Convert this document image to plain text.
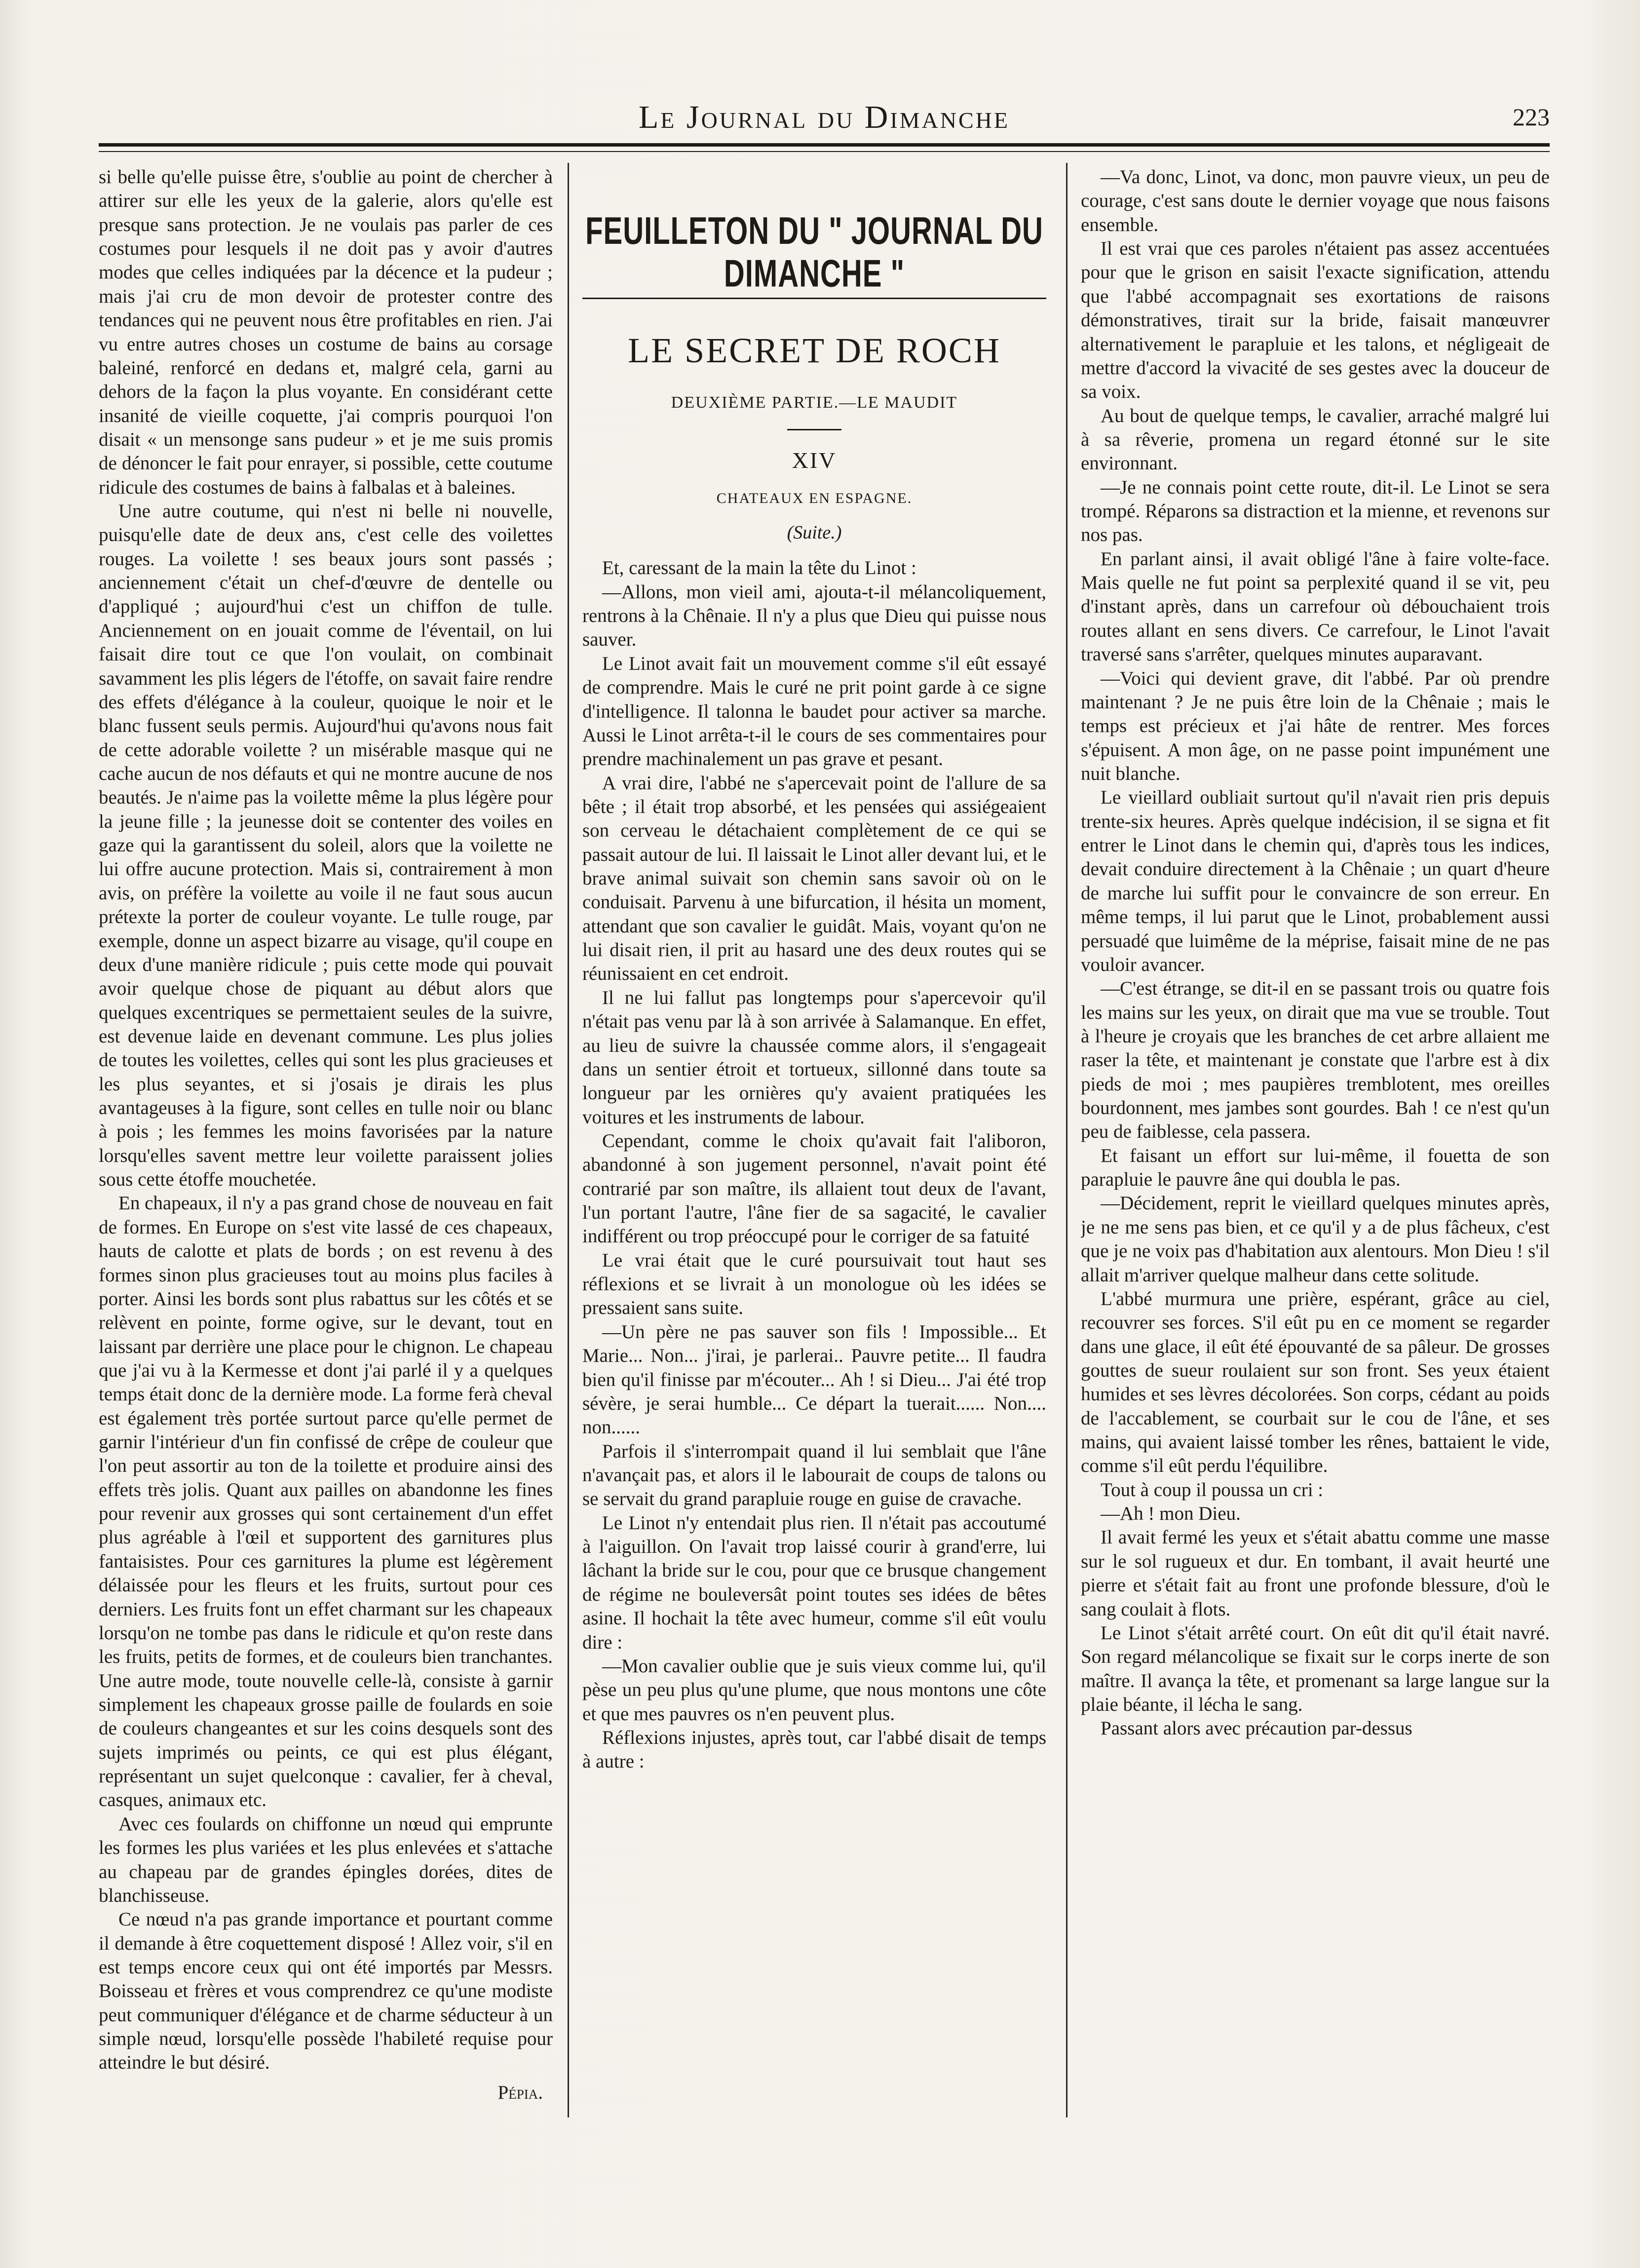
Le Journal du Dimanche	223

si belle qu'elle puisse être, s'oublie au point de chercher à attirer sur elle les yeux de la galerie, alors qu'elle est presque sans protection. Je ne voulais pas parler de ces costumes pour lesquels il ne doit pas y avoir d'autres modes que celles indiquées par la décence et la pudeur ; mais j'ai cru de mon devoir de protester contre des tendances qui ne peuvent nous être profitables en rien. J'ai vu entre autres choses un costume de bains au corsage baleiné, renforcé en dedans et, malgré cela, garni au dehors de la façon la plus voyante. En considérant cette insanité de vieille coquette, j'ai compris pourquoi l'on disait « un mensonge sans pudeur » et je me suis promis de dénoncer le fait pour enrayer, si possible, cette coutume ridicule des costumes de bains à falbalas et à baleines.

Une autre coutume, qui n'est ni belle ni nouvelle, puisqu'elle date de deux ans, c'est celle des voilettes rouges. La voilette ! ses beaux jours sont passés ; anciennement c'était un chef-d'œuvre de dentelle ou d'appliqué ; aujourd'hui c'est un chiffon de tulle. Anciennement on en jouait comme de l'éventail, on lui faisait dire tout ce que l'on voulait, on combinait savamment les plis légers de l'étoffe, on savait faire rendre des effets d'élégance à la couleur, quoique le noir et le blanc fussent seuls permis. Aujourd'hui qu'avons nous fait de cette adorable voilette ? un misérable masque qui ne cache aucun de nos défauts et qui ne montre aucune de nos beautés. Je n'aime pas la voilette même la plus légère pour la jeune fille ; la jeunesse doit se contenter des voiles en gaze qui la garantissent du soleil, alors que la voilette ne lui offre aucune protection. Mais si, contrairement à mon avis, on préfère la voilette au voile il ne faut sous aucun prétexte la porter de couleur voyante. Le tulle rouge, par exemple, donne un aspect bizarre au visage, qu'il coupe en deux d'une manière ridicule ; puis cette mode qui pouvait avoir quelque chose de piquant au début alors que quelques excentriques se permettaient seules de la suivre, est devenue laide en devenant commune. Les plus jolies de toutes les voilettes, celles qui sont les plus gracieuses et les plus seyantes, et si j'osais je dirais les plus avantageuses à la figure, sont celles en tulle noir ou blanc à pois ; les femmes les moins favorisées par la nature lorsqu'elles savent mettre leur voilette paraissent jolies sous cette étoffe mouchetée.

En chapeaux, il n'y a pas grand chose de nouveau en fait de formes. En Europe on s'est vite lassé de ces chapeaux, hauts de calotte et plats de bords ; on est revenu à des formes sinon plus gracieuses tout au moins plus faciles à porter. Ainsi les bords sont plus rabattus sur les côtés et se relèvent en pointe, forme ogive, sur le devant, tout en laissant par derrière une place pour le chignon. Le chapeau que j'ai vu à la Kermesse et dont j'ai parlé il y a quelques temps était donc de la dernière mode. La forme ferà cheval est également très portée surtout parce qu'elle permet de garnir l'intérieur d'un fin confissé de crêpe de couleur que l'on peut assortir au ton de la toilette et produire ainsi des effets très jolis. Quant aux pailles on abandonne les fines pour revenir aux grosses qui sont certainement d'un effet plus agréable à l'œil et supportent des garnitures plus fantaisistes. Pour ces garnitures la plume est légèrement délaissée pour les fleurs et les fruits, surtout pour ces derniers. Les fruits font un effet charmant sur les chapeaux lorsqu'on ne tombe pas dans le ridicule et qu'on reste dans les fruits, petits de formes, et de couleurs bien tranchantes. Une autre mode, toute nouvelle celle-là, consiste à garnir simplement les chapeaux grosse paille de foulards en soie de couleurs changeantes et sur les coins desquels sont des sujets imprimés ou peints, ce qui est plus élégant, représentant un sujet quelconque : cavalier, fer à cheval, casques, animaux etc.

Avec ces foulards on chiffonne un nœud qui emprunte les formes les plus variées et les plus enlevées et s'attache au chapeau par de grandes épingles dorées, dites de blanchisseuse.

Ce nœud n'a pas grande importance et pourtant comme il demande à être coquettement disposé ! Allez voir, s'il en est temps encore ceux qui ont été importés par Messrs. Boisseau et frères et vous comprendrez ce qu'une modiste peut communiquer d'élégance et de charme séducteur à un simple nœud, lorsqu'elle possède l'habileté requise pour atteindre le but désiré.

Pépia.
FEUILLETON DU " JOURNAL DU DIMANCHE "
LE SECRET DE ROCH
DEUXIÈME PARTIE.—LE MAUDIT
XIV
CHATEAUX EN ESPAGNE.
(Suite.)

Et, caressant de la main la tête du Linot :

—Allons, mon vieil ami, ajouta-t-il mélancoliquement, rentrons à la Chênaie. Il n'y a plus que Dieu qui puisse nous sauver.

Le Linot avait fait un mouvement comme s'il eût essayé de comprendre. Mais le curé ne prit point garde à ce signe d'intelligence. Il talonna le baudet pour activer sa marche. Aussi le Linot arrêta-t-il le cours de ses commentaires pour prendre machinalement un pas grave et pesant.

A vrai dire, l'abbé ne s'apercevait point de l'allure de sa bête ; il était trop absorbé, et les pensées qui assiégeaient son cerveau le détachaient complètement de ce qui se passait autour de lui. Il laissait le Linot aller devant lui, et le brave animal suivait son chemin sans savoir où on le conduisait. Parvenu à une bifurcation, il hésita un moment, attendant que son cavalier le guidât. Mais, voyant qu'on ne lui disait rien, il prit au hasard une des deux routes qui se réunissaient en cet endroit.

Il ne lui fallut pas longtemps pour s'apercevoir qu'il n'était pas venu par là à son arrivée à Salamanque. En effet, au lieu de suivre la chaussée comme alors, il s'engageait dans un sentier étroit et tortueux, sillonné dans toute sa longueur par les ornières qu'y avaient pratiquées les voitures et les instruments de labour.

Cependant, comme le choix qu'avait fait l'aliboron, abandonné à son jugement personnel, n'avait point été contrarié par son maître, ils allaient tout deux de l'avant, l'un portant l'autre, l'âne fier de sa sagacité, le cavalier indifférent ou trop préoccupé pour le corriger de sa fatuité

Le vrai était que le curé poursuivait tout haut ses réflexions et se livrait à un monologue où les idées se pressaient sans suite.

—Un père ne pas sauver son fils ! Impossible... Et Marie... Non... j'irai, je parlerai.. Pauvre petite... Il faudra bien qu'il finisse par m'écouter... Ah ! si Dieu... J'ai été trop sévère, je serai humble... Ce départ la tuerait...... Non.... non......

Parfois il s'interrompait quand il lui semblait que l'âne n'avançait pas, et alors il le labourait de coups de talons ou se servait du grand parapluie rouge en guise de cravache.

Le Linot n'y entendait plus rien. Il n'était pas accoutumé à l'aiguillon. On l'avait trop laissé courir à grand'erre, lui lâchant la bride sur le cou, pour que ce brusque changement de régime ne bouleversât point toutes ses idées de bêtes asine. Il hochait la tête avec humeur, comme s'il eût voulu dire :

—Mon cavalier oublie que je suis vieux comme lui, qu'il pèse un peu plus qu'une plume, que nous montons une côte et que mes pauvres os n'en peuvent plus.

Réflexions injustes, après tout, car l'abbé disait de temps à autre :

—Va donc, Linot, va donc, mon pauvre vieux, un peu de courage, c'est sans doute le dernier voyage que nous faisons ensemble.

Il est vrai que ces paroles n'étaient pas assez accentuées pour que le grison en saisit l'exacte signification, attendu que l'abbé accompagnait ses exortations de raisons démonstratives, tirait sur la bride, faisait manœuvrer alternativement le parapluie et les talons, et négligeait de mettre d'accord la vivacité de ses gestes avec la douceur de sa voix.

Au bout de quelque temps, le cavalier, arraché malgré lui à sa rêverie, promena un regard étonné sur le site environnant.

—Je ne connais point cette route, dit-il. Le Linot se sera trompé. Réparons sa distraction et la mienne, et revenons sur nos pas.

En parlant ainsi, il avait obligé l'âne à faire volte-face. Mais quelle ne fut point sa perplexité quand il se vit, peu d'instant après, dans un carrefour où débouchaient trois routes allant en sens divers. Ce carrefour, le Linot l'avait traversé sans s'arrêter, quelques minutes auparavant.

—Voici qui devient grave, dit l'abbé. Par où prendre maintenant ? Je ne puis être loin de la Chênaie ; mais le temps est précieux et j'ai hâte de rentrer. Mes forces s'épuisent. A mon âge, on ne passe point impunément une nuit blanche.

Le vieillard oubliait surtout qu'il n'avait rien pris depuis trente-six heures. Après quelque indécision, il se signa et fit entrer le Linot dans le chemin qui, d'après tous les indices, devait conduire directement à la Chênaie ; un quart d'heure de marche lui suffit pour le convaincre de son erreur. En même temps, il lui parut que le Linot, probablement aussi persuadé que luimême de la méprise, faisait mine de ne pas vouloir avancer.

—C'est étrange, se dit-il en se passant trois ou quatre fois les mains sur les yeux, on dirait que ma vue se trouble. Tout à l'heure je croyais que les branches de cet arbre allaient me raser la tête, et maintenant je constate que l'arbre est à dix pieds de moi ; mes paupières tremblotent, mes oreilles bourdonnent, mes jambes sont gourdes. Bah ! ce n'est qu'un peu de faiblesse, cela passera.

Et faisant un effort sur lui-même, il fouetta de son parapluie le pauvre âne qui doubla le pas.

—Décidement, reprit le vieillard quelques minutes après, je ne me sens pas bien, et ce qu'il y a de plus fâcheux, c'est que je ne voix pas d'habitation aux alentours. Mon Dieu ! s'il allait m'arriver quelque malheur dans cette solitude.

L'abbé murmura une prière, espérant, grâce au ciel, recouvrer ses forces. S'il eût pu en ce moment se regarder dans une glace, il eût été épouvanté de sa pâleur. De grosses gouttes de sueur roulaient sur son front. Ses yeux étaient humides et ses lèvres décolorées. Son corps, cédant au poids de l'accablement, se courbait sur le cou de l'âne, et ses mains, qui avaient laissé tomber les rênes, battaient le vide, comme s'il eût perdu l'équilibre.

Tout à coup il poussa un cri :

—Ah ! mon Dieu.

Il avait fermé les yeux et s'était abattu comme une masse sur le sol rugueux et dur. En tombant, il avait heurté une pierre et s'était fait au front une profonde blessure, d'où le sang coulait à flots.

Le Linot s'était arrêté court. On eût dit qu'il était navré. Son regard mélancolique se fixait sur le corps inerte de son maître. Il avança la tête, et promenant sa large langue sur la plaie béante, il lécha le sang.

Passant alors avec précaution par-dessus
